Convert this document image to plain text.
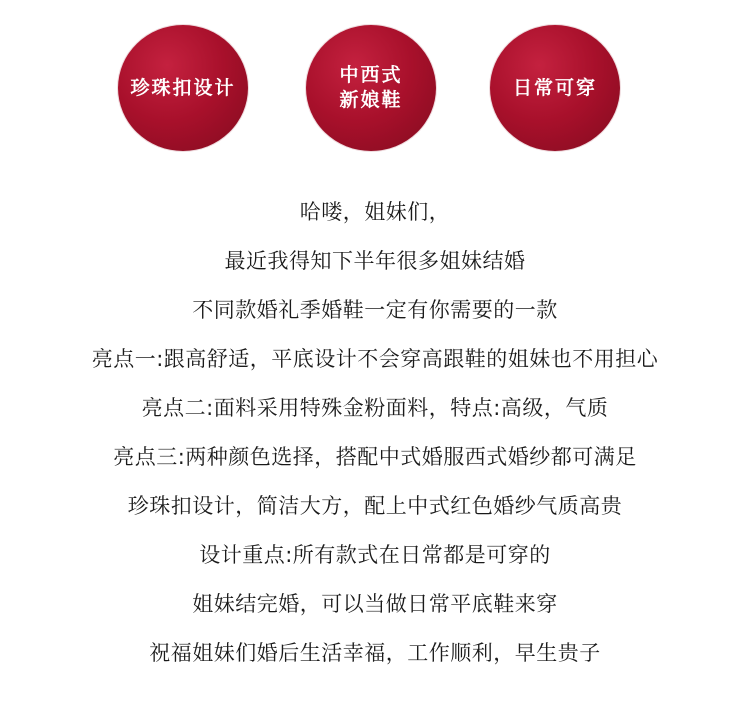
珍珠扣设计
中西式
新娘鞋
日常可穿
哈喽，姐妹们，
最近我得知下半年很多姐妹结婚
不同款婚礼季婚鞋一定有你需要的一款
亮点一:跟高舒适，平底设计不会穿高跟鞋的姐妹也不用担心
亮点二:面料采用特殊金粉面料，特点:高级，气质
亮点三:两种颜色选择，搭配中式婚服西式婚纱都可满足
珍珠扣设计，简洁大方，配上中式红色婚纱气质高贵
设计重点:所有款式在日常都是可穿的
姐妹结完婚，可以当做日常平底鞋来穿
祝福姐妹们婚后生活幸福，工作顺利，早生贵子
